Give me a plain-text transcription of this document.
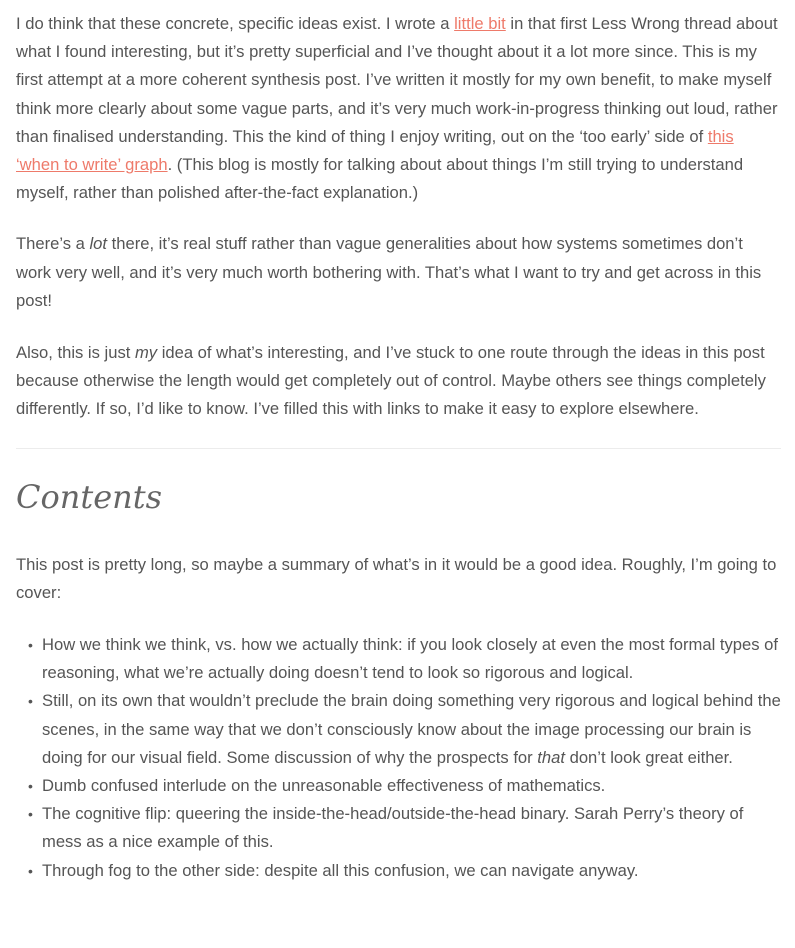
I do think that these concrete, specific ideas exist. I wrote a little bit in that first Less Wrong thread about what I found interesting, but it’s pretty superficial and I’ve thought about it a lot more since. This is my first attempt at a more coherent synthesis post. I’ve written it mostly for my own benefit, to make myself think more clearly about some vague parts, and it’s very much work-in-progress thinking out loud, rather than finalised understanding. This the kind of thing I enjoy writing, out on the ‘too early’ side of this ‘when to write’ graph. (This blog is mostly for talking about about things I’m still trying to understand myself, rather than polished after-the-fact explanation.)

There’s a lot there, it’s real stuff rather than vague generalities about how systems sometimes don’t work very well, and it’s very much worth bothering with. That’s what I want to try and get across in this post!

Also, this is just my idea of what’s interesting, and I’ve stuck to one route through the ideas in this post because otherwise the length would get completely out of control. Maybe others see things completely differently. If so, I’d like to know. I’ve filled this with links to make it easy to explore elsewhere.

Contents

This post is pretty long, so maybe a summary of what’s in it would be a good idea. Roughly, I’m going to cover:

• How we think we think, vs. how we actually think: if you look closely at even the most formal types of reasoning, what we’re actually doing doesn’t tend to look so rigorous and logical.
• Still, on its own that wouldn’t preclude the brain doing something very rigorous and logical behind the scenes, in the same way that we don’t consciously know about the image processing our brain is doing for our visual field. Some discussion of why the prospects for that don’t look great either.
• Dumb confused interlude on the unreasonable effectiveness of mathematics.
• The cognitive flip: queering the inside-the-head/outside-the-head binary. Sarah Perry’s theory of mess as a nice example of this.
• Through fog to the other side: despite all this confusion, we can navigate anyway.
